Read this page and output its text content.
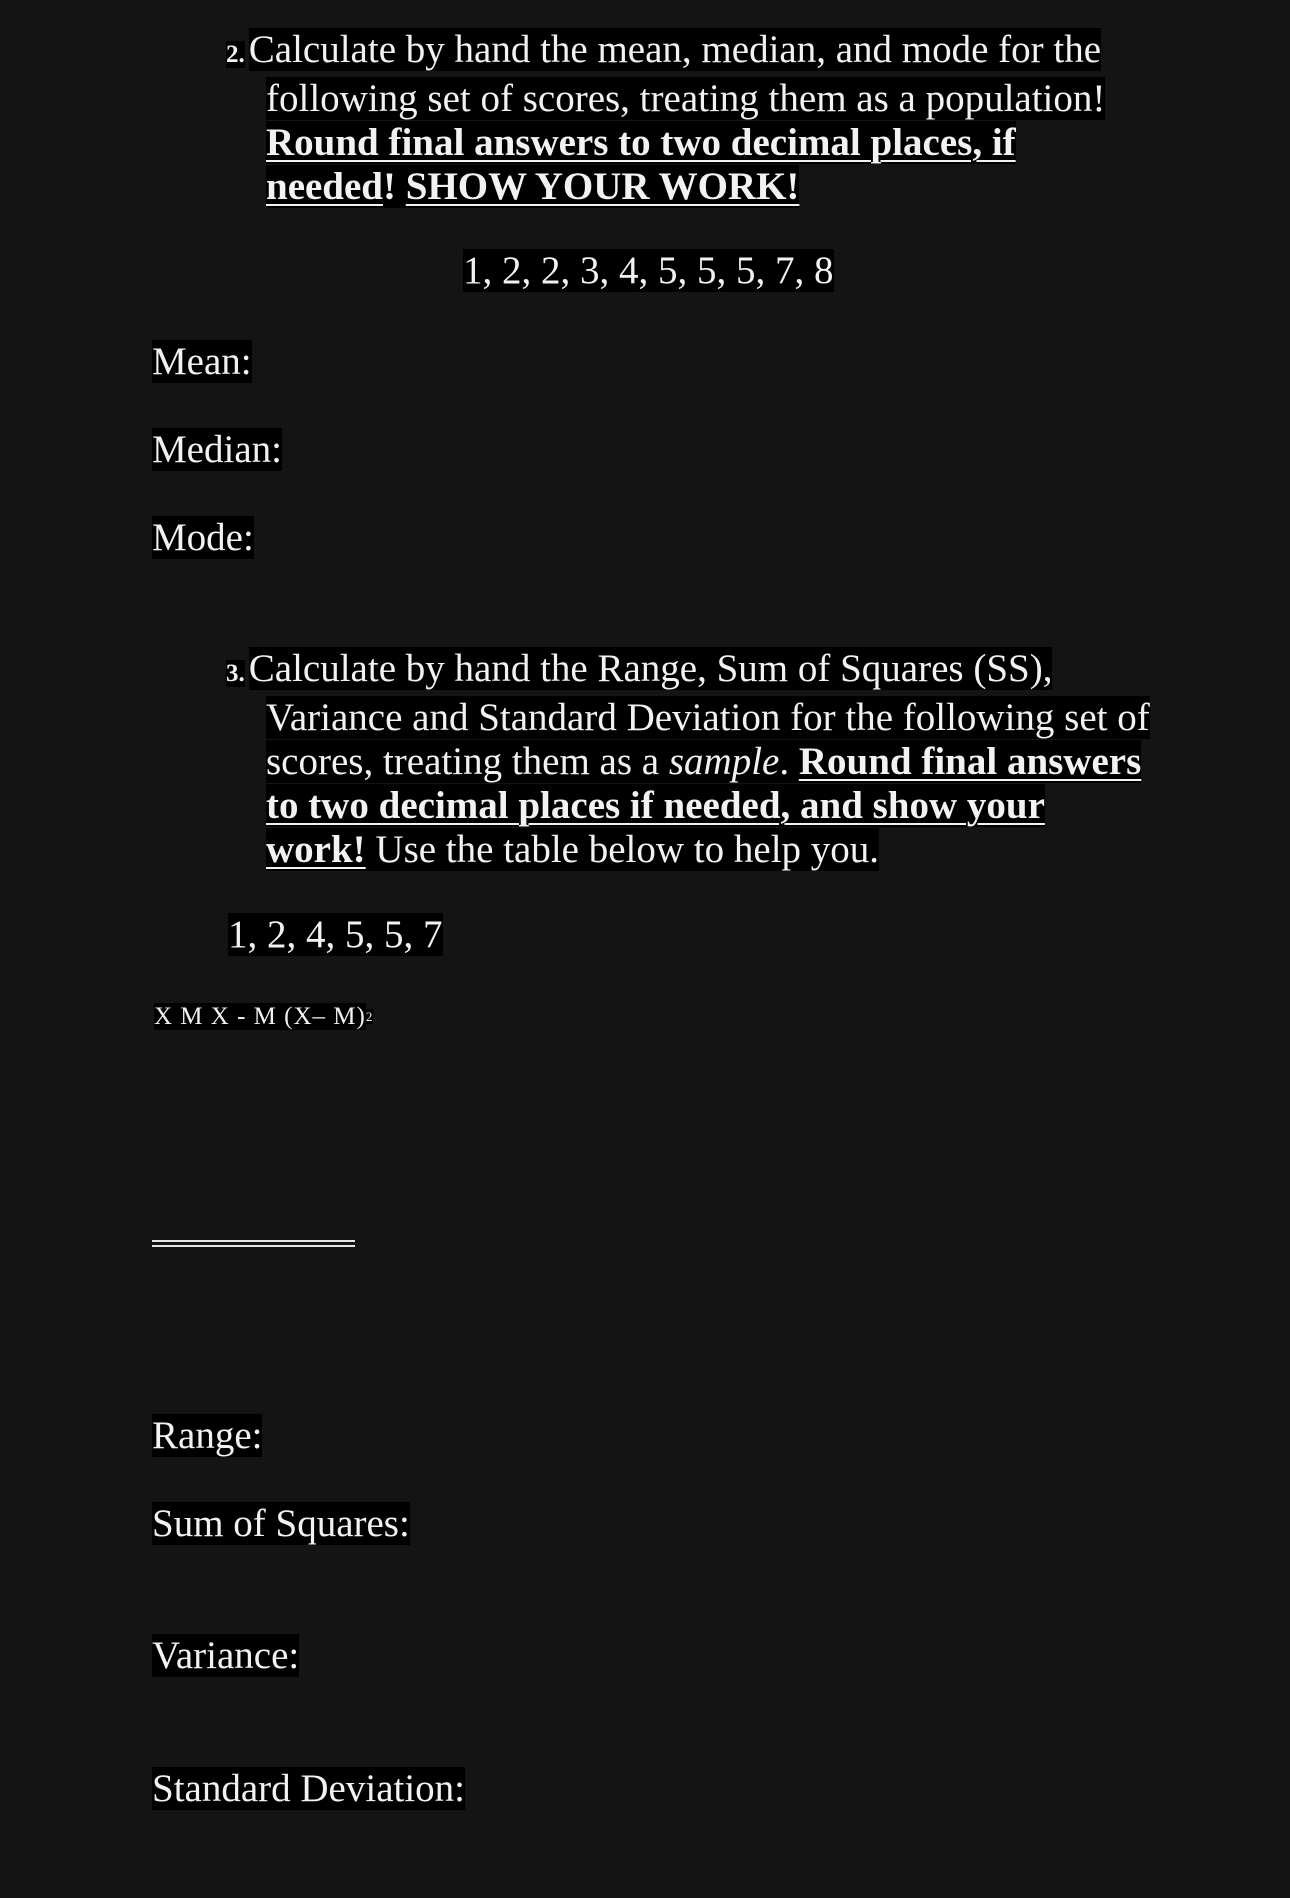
2. Calculate by hand the mean, median, and mode for the
following set of scores, treating them as a population!
Round final answers to two decimal places, if
needed! SHOW YOUR WORK!
1, 2, 2, 3, 4, 5, 5, 5, 7, 8
Mean:
Median:
Mode:
3. Calculate by hand the Range, Sum of Squares (SS),
Variance and Standard Deviation for the following set of
scores, treating them as a sample. Round final answers
to two decimal places if needed, and show your
work! Use the table below to help you.
1, 2, 4, 5, 5, 7
X M X - M (X– M)$^2$
Range:
Sum of Squares:
Variance:
Standard Deviation:
